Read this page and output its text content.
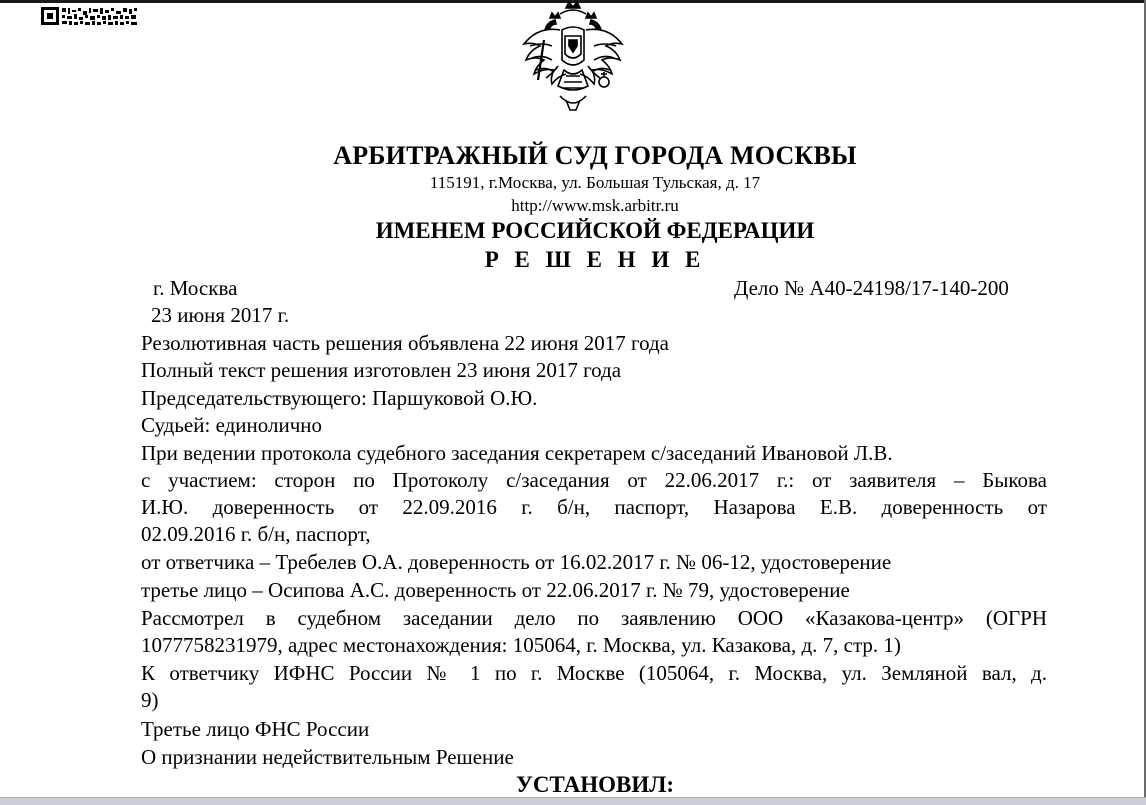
АРБИТРАЖНЫЙ СУД ГОРОДА МОСКВЫ
115191, г.Москва, ул. Большая Тульская, д. 17
http://www.msk.arbitr.ru
ИМЕНЕМ РОССИЙСКОЙ ФЕДЕРАЦИИ
Р Е Ш Е Н И Е
г. Москва	Дело № А40-24198/17-140-200
23 июня 2017 г.
Резолютивная часть решения объявлена 22 июня 2017 года
Полный текст решения изготовлен 23 июня 2017 года
Председательствующего: Паршуковой О.Ю.
Судьей: единолично
При ведении протокола судебного заседания секретарем с/заседаний Ивановой Л.В.
с участием: сторон по Протоколу с/заседания от 22.06.2017 г.: от заявителя – Быкова
И.Ю. доверенность от 22.09.2016 г. б/н, паспорт, Назарова Е.В. доверенность от
02.09.2016 г. б/н, паспорт,
от ответчика – Требелев О.А. доверенность от 16.02.2017 г. № 06-12, удостоверение
третье лицо – Осипова А.С. доверенность от 22.06.2017 г. № 79, удостоверение
Рассмотрел в судебном заседании дело по заявлению ООО «Казакова-центр» (ОГРН
1077758231979, адрес местонахождения: 105064, г. Москва, ул. Казакова, д. 7, стр. 1)
К ответчику ИФНС России № 1 по г. Москве (105064, г. Москва, ул. Земляной вал, д.
9)
Третье лицо ФНС России
О признании недействительным Решение
УСТАНОВИЛ:
